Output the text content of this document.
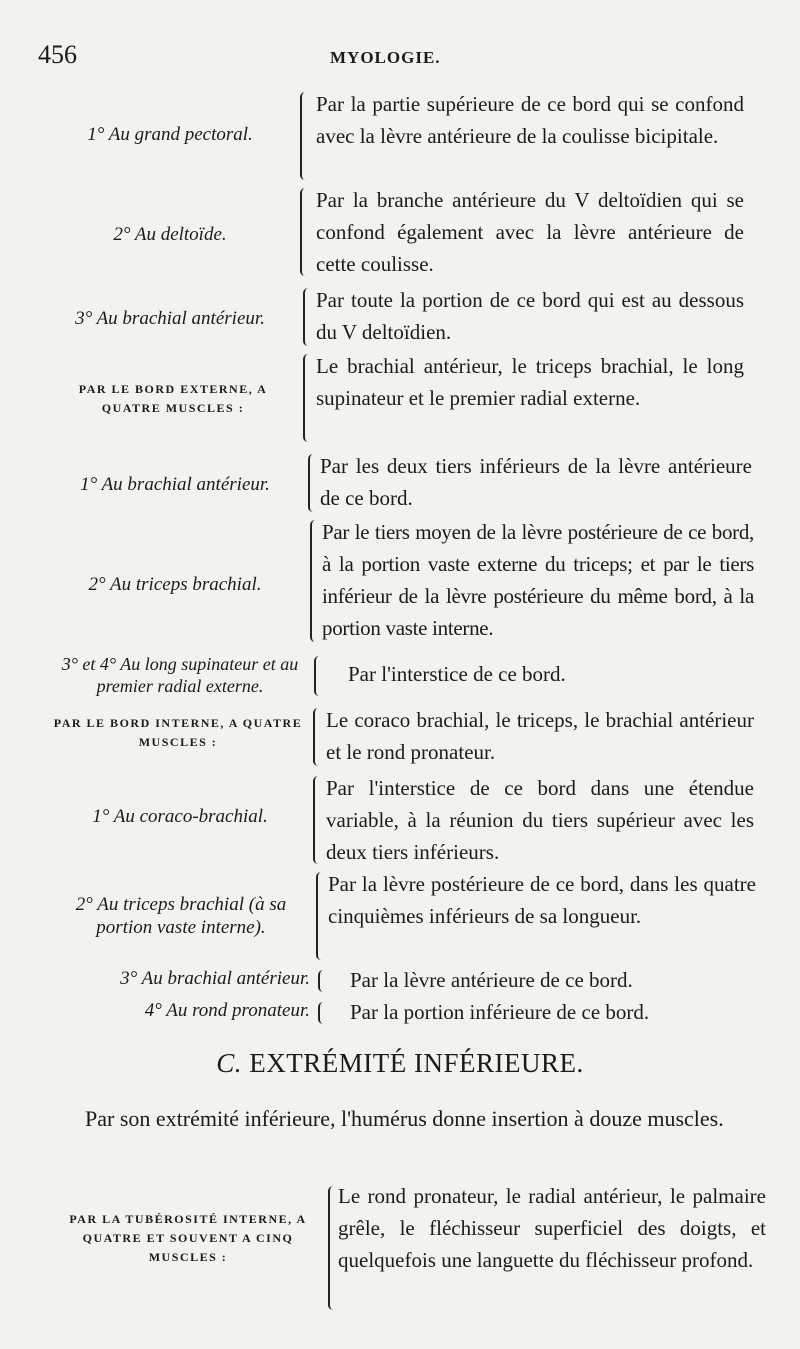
456	MYOLOGIE.
1° Au grand pectoral.
Par la partie supérieure de ce bord qui se confond avec la lèvre antérieure de la coulisse bicipitale.
2° Au deltoïde.
Par la branche antérieure du V deltoïdien qui se confond également avec la lèvre antérieure de cette coulisse.
3° Au brachial antérieur.
Par toute la portion de ce bord qui est au dessous du V deltoïdien.
PAR LE BORD EXTERNE, A QUATRE MUSCLES :
Le brachial antérieur, le triceps brachial, le long supinateur et le premier radial externe.
1° Au brachial antérieur.
Par les deux tiers inférieurs de la lèvre antérieure de ce bord.
2° Au triceps brachial.
Par le tiers moyen de la lèvre postérieure de ce bord, à la portion vaste externe du triceps; et par le tiers inférieur de la lèvre postérieure du même bord, à la portion vaste interne.
3° et 4° Au long supinateur et au premier radial externe.	Par l'interstice de ce bord.
PAR LE BORD INTERNE, A QUATRE MUSCLES :
Le coraco brachial, le triceps, le brachial antérieur et le rond pronateur.
1° Au coraco-brachial.
Par l'interstice de ce bord dans une étendue variable, à la réunion du tiers supérieur avec les deux tiers inférieurs.
2° Au triceps brachial (à sa portion vaste interne).
Par la lèvre postérieure de ce bord, dans les quatre cinquièmes inférieurs de sa longueur.
3° Au brachial antérieur. Par la lèvre antérieure de ce bord.
4° Au rond pronateur. Par la portion inférieure de ce bord.
C. EXTRÉMITÉ INFÉRIEURE.
Par son extrémité inférieure, l'humérus donne insertion à douze muscles.
PAR LA TUBÉROSITÉ INTERNE, A QUATRE ET SOUVENT A CINQ MUSCLES :
Le rond pronateur, le radial antérieur, le palmaire grêle, le fléchisseur superficiel des doigts, et quelquefois une languette du fléchisseur profond.
